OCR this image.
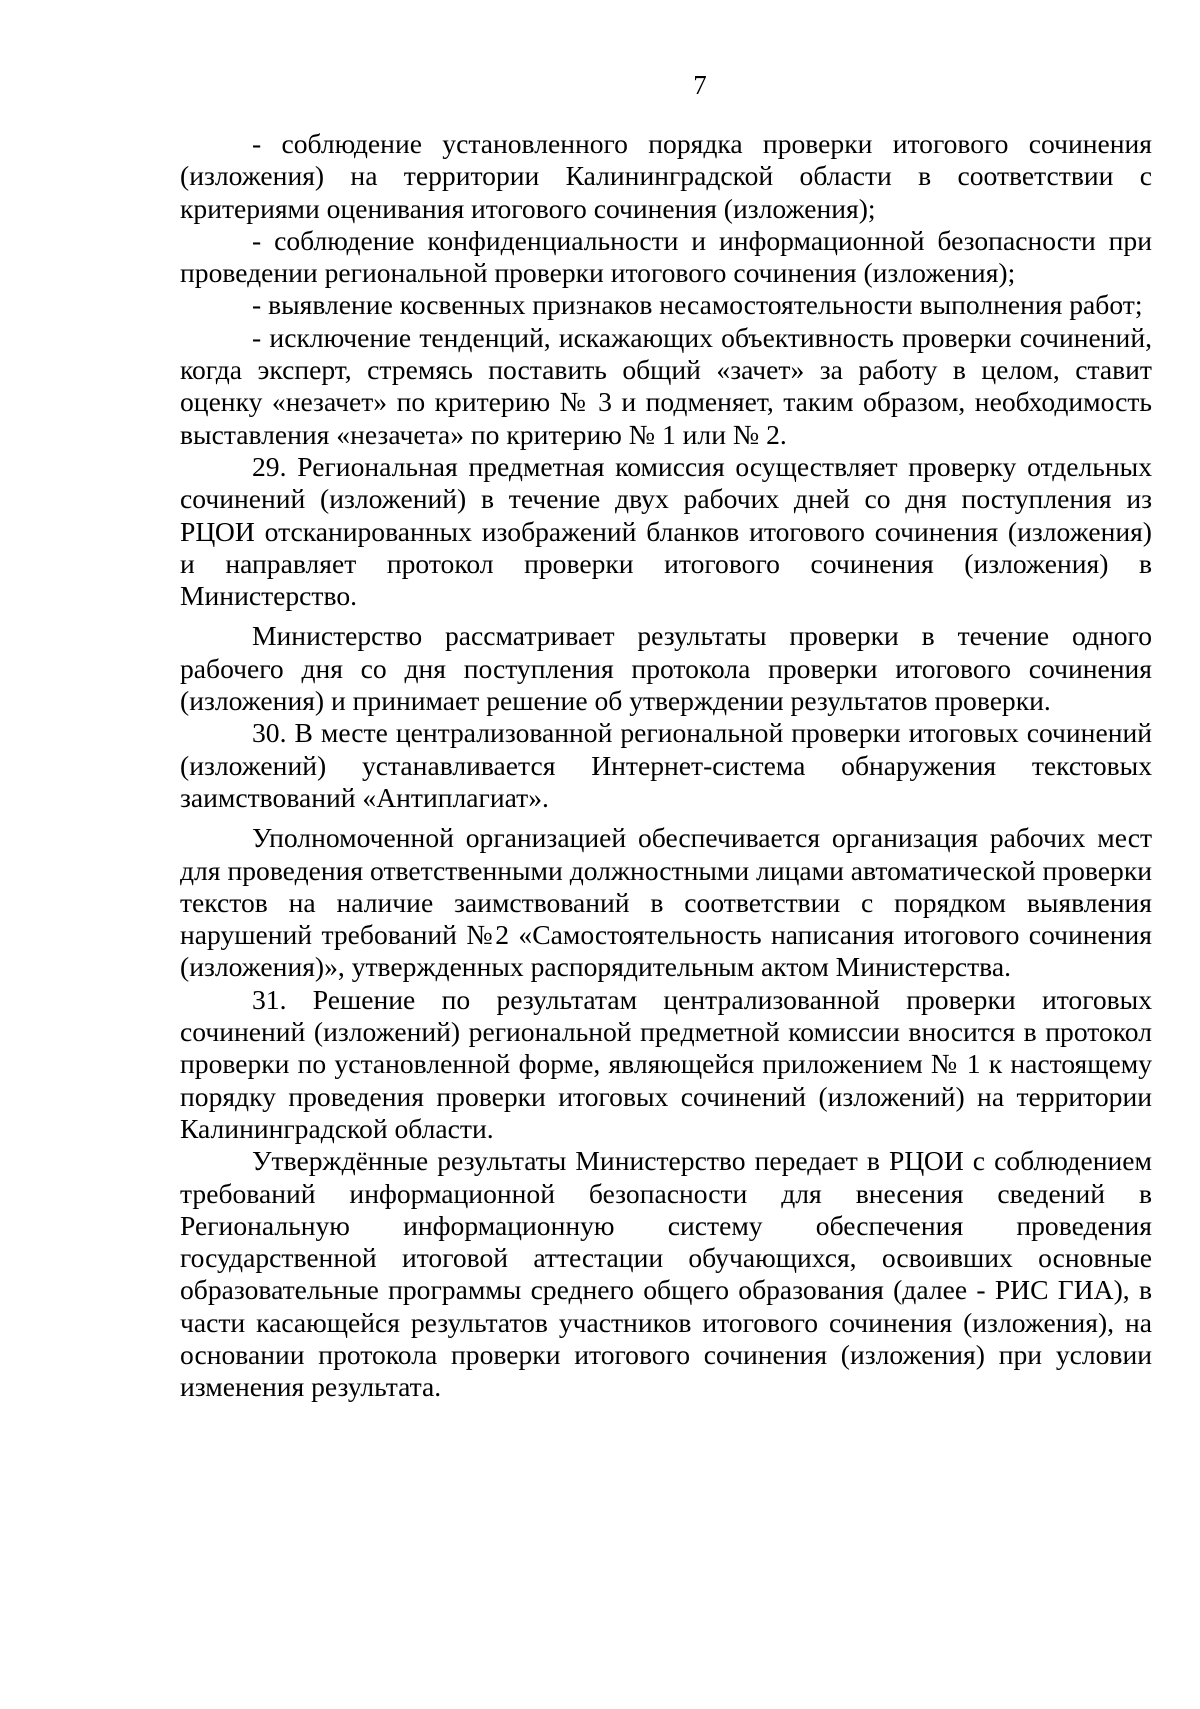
7

- соблюдение установленного порядка проверки итогового сочинения (изложения) на территории Калининградской области в соответствии с критериями оценивания итогового сочинения (изложения);

- соблюдение конфиденциальности и информационной безопасности при проведении региональной проверки итогового сочинения (изложения);

- выявление косвенных признаков несамостоятельности выполнения работ;

- исключение тенденций, искажающих объективность проверки сочинений, когда эксперт, стремясь поставить общий «зачет» за работу в целом, ставит оценку «незачет» по критерию № 3 и подменяет, таким образом, необходимость выставления «незачета» по критерию № 1 или № 2.

29. Региональная предметная комиссия осуществляет проверку отдельных сочинений (изложений) в течение двух рабочих дней со дня поступления из РЦОИ отсканированных изображений бланков итогового сочинения (изложения) и направляет протокол проверки итогового сочинения (изложения) в Министерство.

Министерство рассматривает результаты проверки в течение одного рабочего дня со дня поступления протокола проверки итогового сочинения (изложения) и принимает решение об утверждении результатов проверки.

30. В месте централизованной региональной проверки итоговых сочинений (изложений) устанавливается Интернет-система обнаружения текстовых заимствований «Антиплагиат».

Уполномоченной организацией обеспечивается организация рабочих мест для проведения ответственными должностными лицами автоматической проверки текстов на наличие заимствований в соответствии с порядком выявления нарушений требований №2 «Самостоятельность написания итогового сочинения (изложения)», утвержденных распорядительным актом Министерства.

31. Решение по результатам централизованной проверки итоговых сочинений (изложений) региональной предметной комиссии вносится в протокол проверки по установленной форме, являющейся приложением № 1 к настоящему порядку проведения проверки итоговых сочинений (изложений) на территории Калининградской области.

Утверждённые результаты Министерство передает в РЦОИ с соблюдением требований информационной безопасности для внесения сведений в Региональную информационную систему обеспечения проведения государственной итоговой аттестации обучающихся, освоивших основные образовательные программы среднего общего образования (далее - РИС ГИА), в части касающейся результатов участников итогового сочинения (изложения), на основании протокола проверки итогового сочинения (изложения) при условии изменения результата.
